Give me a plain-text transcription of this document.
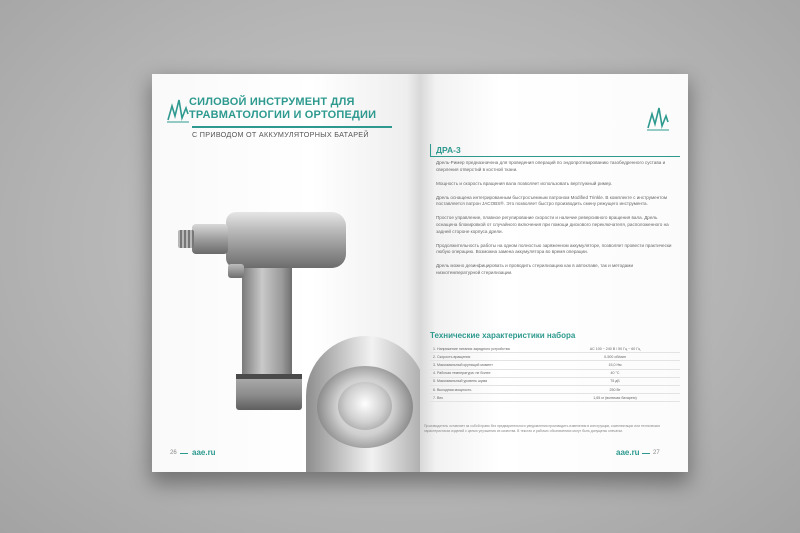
СИЛОВОЙ ИНСТРУМЕНТ ДЛЯ
ТРАВМАТОЛОГИИ И ОРТОПЕДИИ
С ПРИВОДОМ ОТ АККУМУЛЯТОРНЫХ БАТАРЕЙ
26 aae.ru
ДРА-3

Дрель-Ример предназначена для проведения операций по эндопротезированию тазобедренного сустава и сверления отверстий в костной ткани.

Мощность и скорость вращения вала позволяет использовать вертлужный ример.

Дрель оснащена интегрированным быстросъемным патроном Modified Trinkle. В комплекте с инструментом поставляется патрон JACOBS®. Это позволяет быстро производить смену режущего инструмента.

Простое управление, плавное регулирование скорости и наличие реверсивного вращения вала. Дрель оснащена блокировкой от случайного включения при помощи дискового переключателя, расположенного на задней стороне корпуса дрели.

Продолжительность работы на одном полностью заряженном аккумуляторе, позволяет провести практически любую операцию. Возможна замена аккумулятора во время операции.

Дрель можно дезинфицировать и проводить стерилизацию как в автоклаве, так и методами низкотемпературной стерилизации.

Технические характеристики набора
1. Напряжение питания зарядного устройства	AC 100 ~ 240 В / 50 Гц ~ 60 Гц
2. Скорость вращения	0-500 об/мин
3. Максимальный крутящий момент	15,0 Нм
4. Рабочая температура: не более	40 °С
5. Максимальный уровень шума	75 дБ
6. Выходная мощность	250 Вт
7. Вес	1,65 кг (включая батарею)
Производитель оставляет за собой право без предварительного уведомления производить изменения в конструкции, комплектации или технических характеристиках изделий с целью улучшения их качества. В текстах и рабочих обозначениях могут быть допущены опечатки.
aae.ru 27
